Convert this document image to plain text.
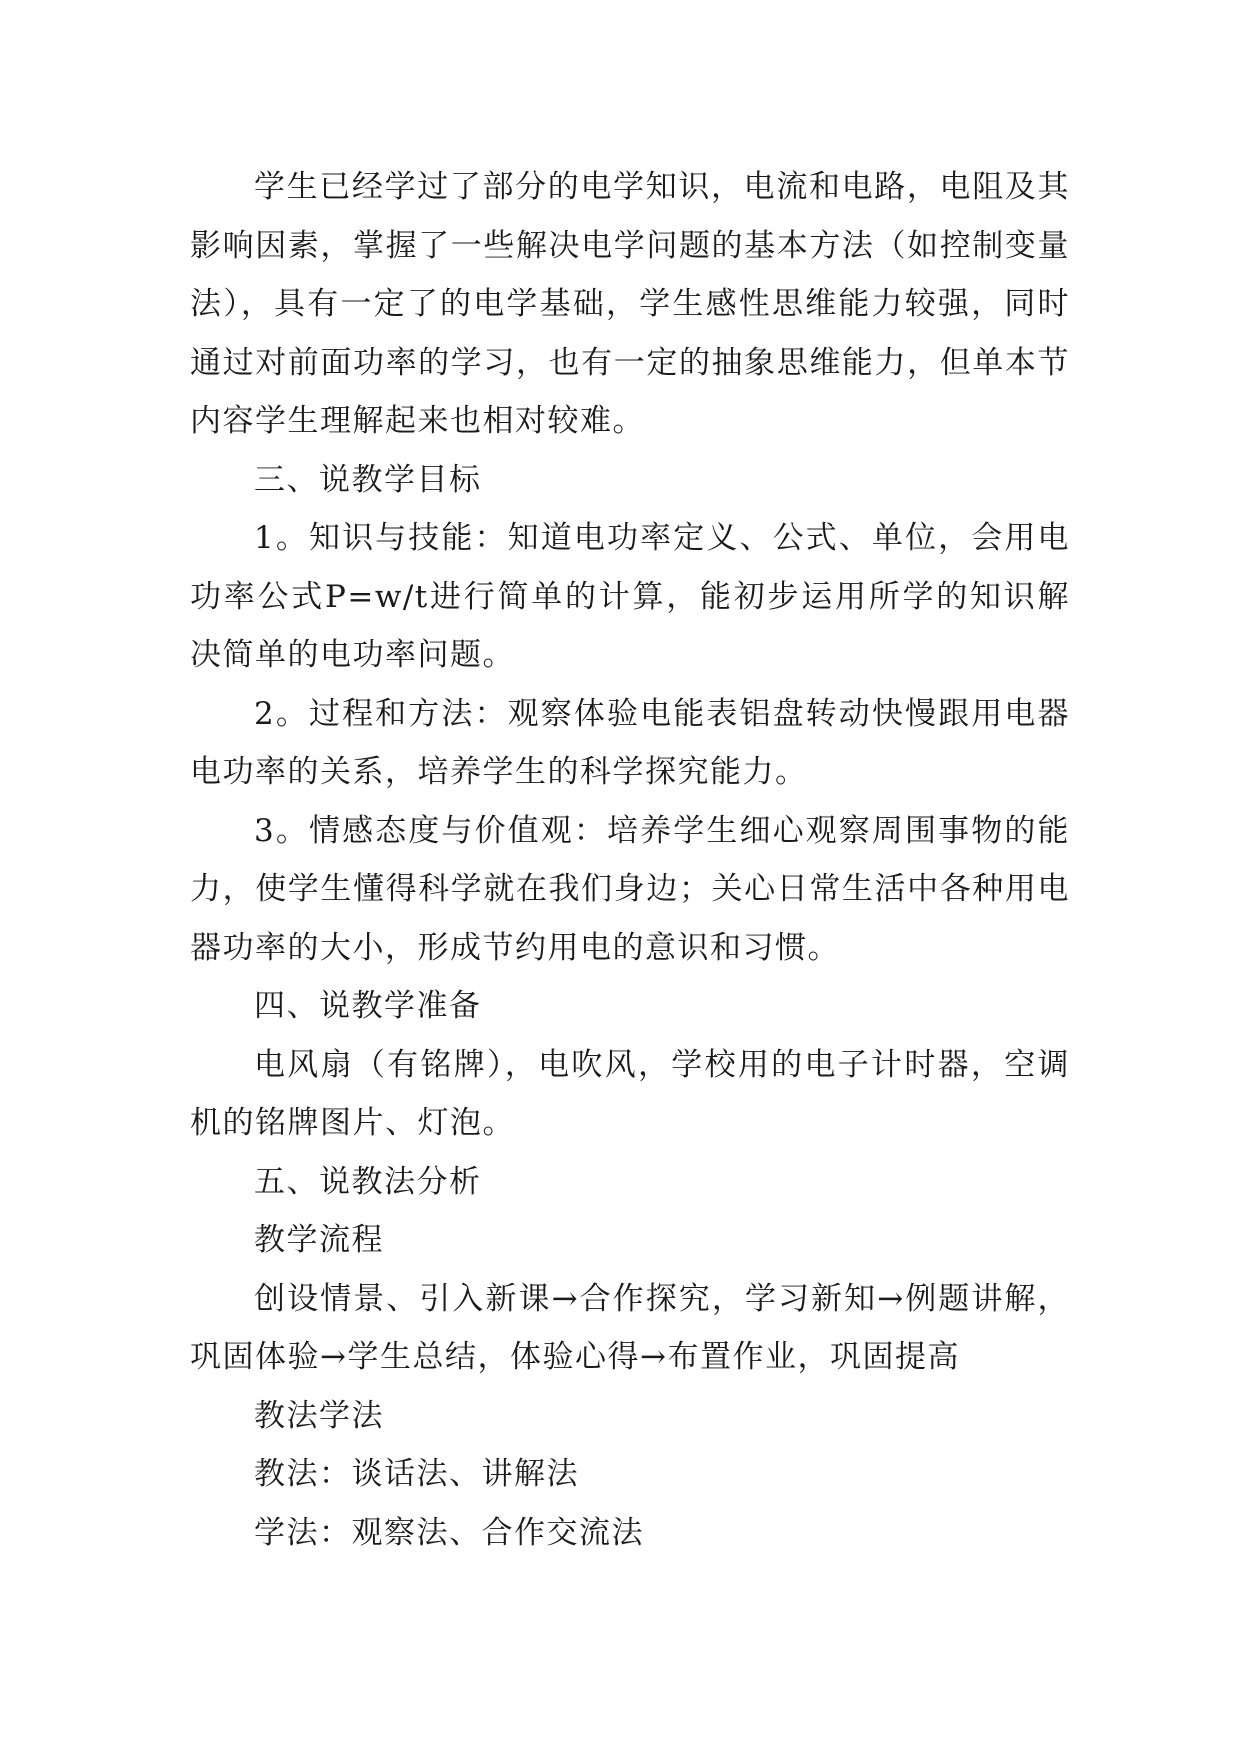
学生已经学过了部分的电学知识，电流和电路，电阻及其影响因素，掌握了一些解决电学问题的基本方法（如控制变量法），具有一定了的电学基础，学生感性思维能力较强，同时通过对前面功率的学习，也有一定的抽象思维能力，但单本节内容学生理解起来也相对较难。

三、说教学目标

1。知识与技能：知道电功率定义、公式、单位，会用电功率公式P=w/t进行简单的计算，能初步运用所学的知识解决简单的电功率问题。

2。过程和方法：观察体验电能表铝盘转动快慢跟用电器电功率的关系，培养学生的科学探究能力。

3。情感态度与价值观：培养学生细心观察周围事物的能力，使学生懂得科学就在我们身边；关心日常生活中各种用电器功率的大小，形成节约用电的意识和习惯。

四、说教学准备

电风扇（有铭牌），电吹风，学校用的电子计时器，空调机的铭牌图片、灯泡。

五、说教法分析

教学流程

创设情景、引入新课→合作探究，学习新知→例题讲解，巩固体验→学生总结，体验心得→布置作业，巩固提高

教法学法

教法：谈话法、讲解法

学法：观察法、合作交流法
